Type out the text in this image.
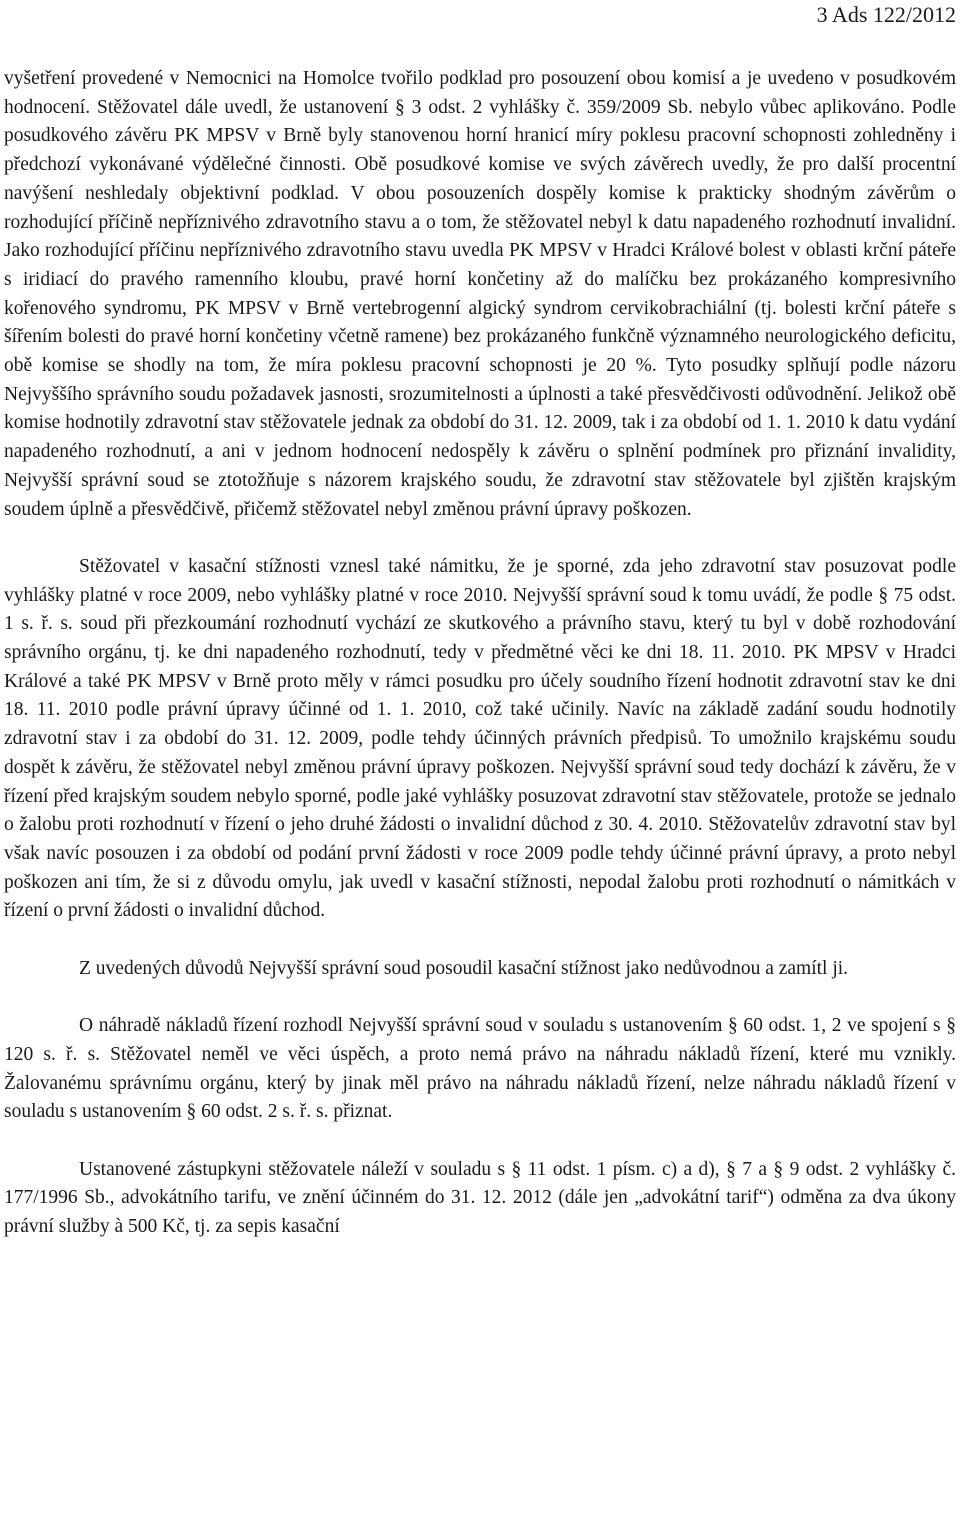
3 Ads 122/2012

vyšetření provedené v Nemocnici na Homolce tvořilo podklad pro posouzení obou komisí a je uvedeno v posudkovém hodnocení. Stěžovatel dále uvedl, že ustanovení § 3 odst. 2 vyhlášky č. 359/2009 Sb. nebylo vůbec aplikováno. Podle posudkového závěru PK MPSV v Brně byly stanovenou horní hranicí míry poklesu pracovní schopnosti zohledněny i předchozí vykonávané výdělečné činnosti. Obě posudkové komise ve svých závěrech uvedly, že pro další procentní navýšení neshledaly objektivní podklad. V obou posouzeních dospěly komise k prakticky shodným závěrům o rozhodující příčině nepříznivého zdravotního stavu a o tom, že stěžovatel nebyl k datu napadeného rozhodnutí invalidní. Jako rozhodující příčinu nepříznivého zdravotního stavu uvedla PK MPSV v Hradci Králové bolest v oblasti krční páteře s iridiací do pravého ramenního kloubu, pravé horní končetiny až do malíčku bez prokázaného kompresivního kořenového syndromu, PK MPSV v Brně vertebrogenní algický syndrom cervikobrachiální (tj. bolesti krční páteře s šířením bolesti do pravé horní končetiny včetně ramene) bez prokázaného funkčně významného neurologického deficitu, obě komise se shodly na tom, že míra poklesu pracovní schopnosti je 20 %. Tyto posudky splňují podle názoru Nejvyššího správního soudu požadavek jasnosti, srozumitelnosti a úplnosti a také přesvědčivosti odůvodnění. Jelikož obě komise hodnotily zdravotní stav stěžovatele jednak za období do 31. 12. 2009, tak i za období od 1. 1. 2010 k datu vydání napadeného rozhodnutí, a ani v jednom hodnocení nedospěly k závěru o splnění podmínek pro přiznání invalidity, Nejvyšší správní soud se ztotožňuje s názorem krajského soudu, že zdravotní stav stěžovatele byl zjištěn krajským soudem úplně a přesvědčivě, přičemž stěžovatel nebyl změnou právní úpravy poškozen.

Stěžovatel v kasační stížnosti vznesl také námitku, že je sporné, zda jeho zdravotní stav posuzovat podle vyhlášky platné v roce 2009, nebo vyhlášky platné v roce 2010. Nejvyšší správní soud k tomu uvádí, že podle § 75 odst. 1 s. ř. s. soud při přezkoumání rozhodnutí vychází ze skutkového a právního stavu, který tu byl v době rozhodování správního orgánu, tj. ke dni napadeného rozhodnutí, tedy v předmětné věci ke dni 18. 11. 2010. PK MPSV v Hradci Králové a také PK MPSV v Brně proto měly v rámci posudku pro účely soudního řízení hodnotit zdravotní stav ke dni 18. 11. 2010 podle právní úpravy účinné od 1. 1. 2010, což také učinily. Navíc na základě zadání soudu hodnotily zdravotní stav i za období do 31. 12. 2009, podle tehdy účinných právních předpisů. To umožnilo krajskému soudu dospět k závěru, že stěžovatel nebyl změnou právní úpravy poškozen. Nejvyšší správní soud tedy dochází k závěru, že v řízení před krajským soudem nebylo sporné, podle jaké vyhlášky posuzovat zdravotní stav stěžovatele, protože se jednalo o žalobu proti rozhodnutí v řízení o jeho druhé žádosti o invalidní důchod z 30. 4. 2010. Stěžovatelův zdravotní stav byl však navíc posouzen i za období od podání první žádosti v roce 2009 podle tehdy účinné právní úpravy, a proto nebyl poškozen ani tím, že si z důvodu omylu, jak uvedl v kasační stížnosti, nepodal žalobu proti rozhodnutí o námitkách v řízení o první žádosti o invalidní důchod.

Z uvedených důvodů Nejvyšší správní soud posoudil kasační stížnost jako nedůvodnou a zamítl ji.

O náhradě nákladů řízení rozhodl Nejvyšší správní soud v souladu s ustanovením § 60 odst. 1, 2 ve spojení s § 120 s. ř. s. Stěžovatel neměl ve věci úspěch, a proto nemá právo na náhradu nákladů řízení, které mu vznikly. Žalovanému správnímu orgánu, který by jinak měl právo na náhradu nákladů řízení, nelze náhradu nákladů řízení v souladu s ustanovením § 60 odst. 2 s. ř. s. přiznat.

Ustanovené zástupkyni stěžovatele náleží v souladu s § 11 odst. 1 písm. c) a d), § 7 a § 9 odst. 2 vyhlášky č. 177/1996 Sb., advokátního tarifu, ve znění účinném do 31. 12. 2012 (dále jen „advokátní tarif“) odměna za dva úkony právní služby à 500 Kč, tj. za sepis kasační
